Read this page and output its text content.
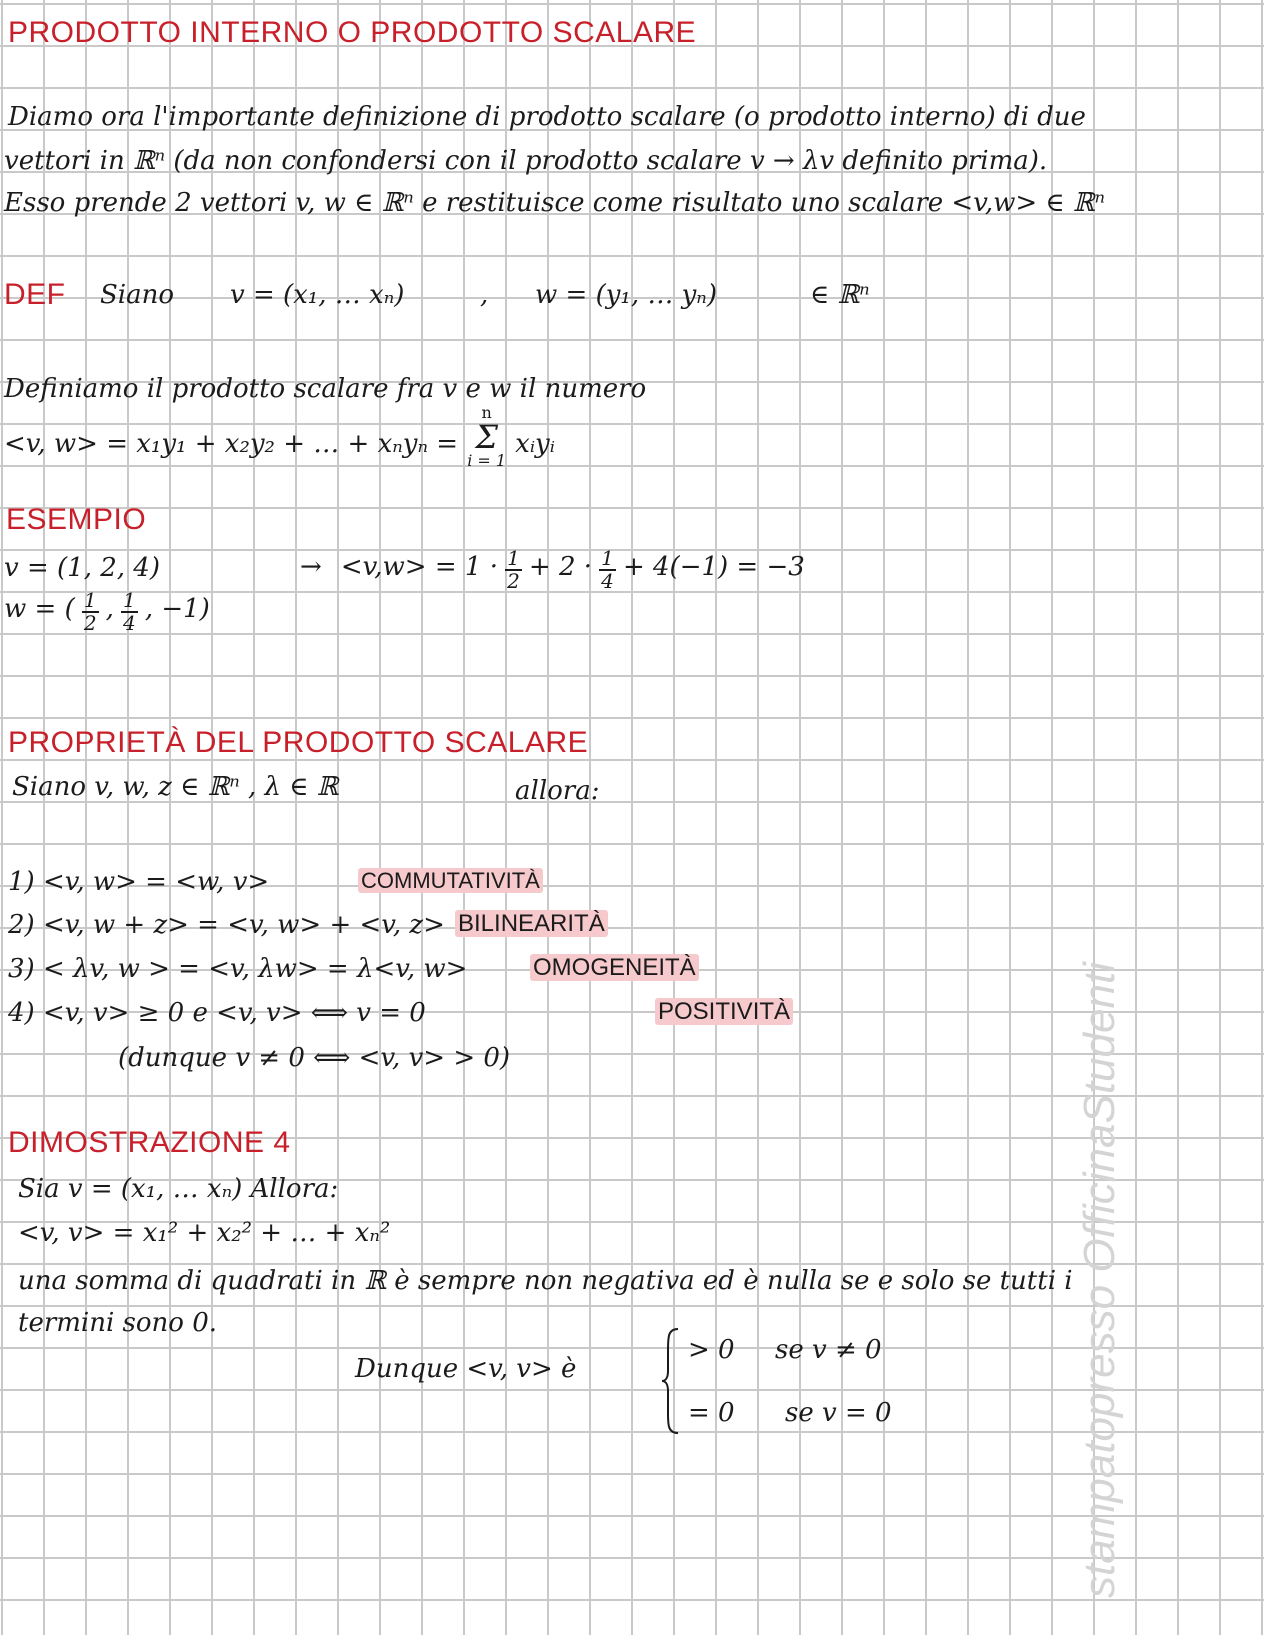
PRODOTTO INTERNO O PRODOTTO SCALARE
Diamo ora l'importante definizione di prodotto scalare (o prodotto interno) di due
vettori in ℝⁿ (da non confondersi con il prodotto scalare v → λv definito prima).
Esso prende 2 vettori v, w ∈ ℝⁿ e restituisce come risultato uno scalare <v,w> ∈ ℝⁿ
DEF Siano v = (x₁, … xₙ)	, w = (y₁, … yₙ)	∈ ℝⁿ
Definiamo il prodotto scalare fra v e w il numero
<v, w> = x₁y₁ + x₂y₂ + … + xₙyₙ =
n
Σ
i = 1
xᵢyᵢ
ESEMPIO
v = (1, 2, 4)
w = ( $\frac{1}{2}$ , $\frac{1}{4}$ , −1)
→ $<v,w> = 1 \cdot \frac{1}{2} + 2 \cdot \frac{1}{4} + 4(-1) = -3$
PROPRIETÀ DEL PRODOTTO SCALARE
Siano v, w, z ∈ ℝⁿ , λ ∈ ℝ	allora:
1) <v, w> = <w, v>	COMMUTATIVITÀ
2) <v, w + z> = <v, w> + <v, z> BILINEARITÀ
3) < λv, w > = <v, λw> = λ<v, w>	OMOGENEITÀ
4) <v, v> ≥ 0 e <v, v> ⟺ v = 0	POSITIVITÀ
(dunque v ≠ 0 ⟺ <v, v> > 0)
DIMOSTRAZIONE 4
Sia v = (x₁, … xₙ) Allora:
<v, v> = x₁² + x₂² + … + xₙ²
una somma di quadrati in ℝ è sempre non negativa ed è nulla se e solo se tutti i
termini sono 0.
Dunque <v, v> è
> 0 se v ≠ 0
= 0 se v = 0	stampatopresso OfficinaStudenti
